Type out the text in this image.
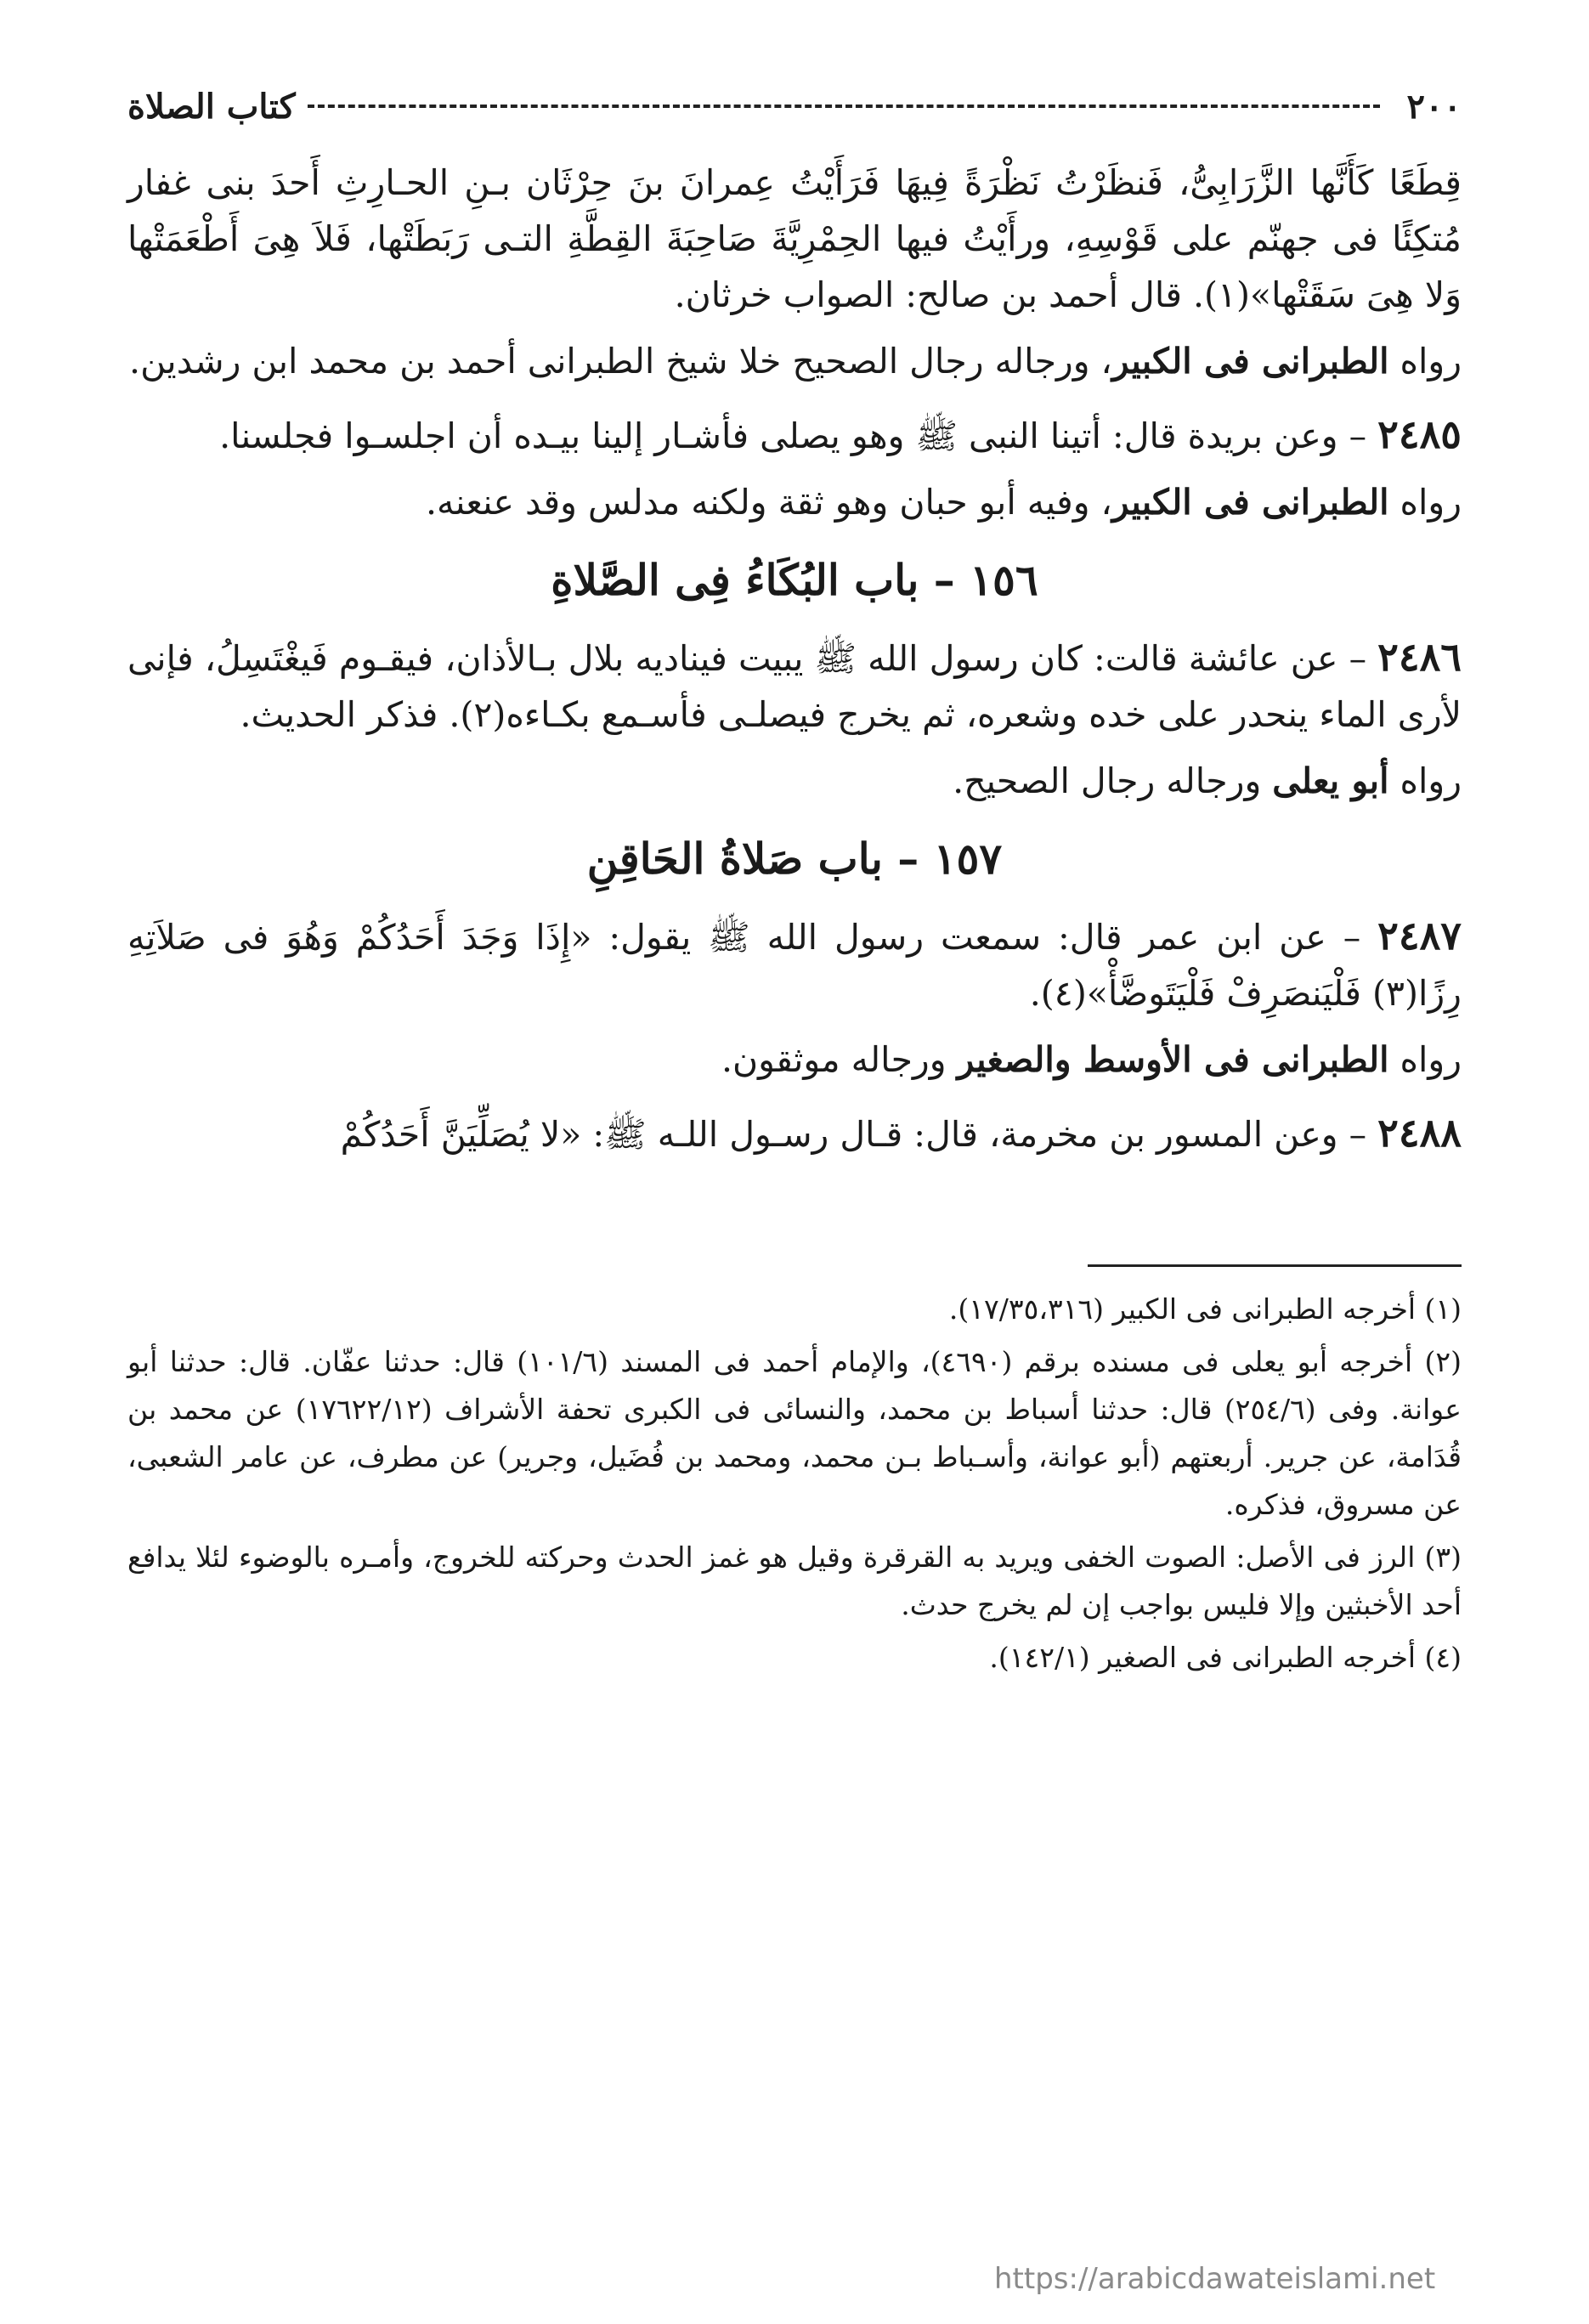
٢٠٠
كتاب الصلاة

قِطَعًا كَأَنَّها الزَّرَابِىُّ، فَنظَرْتُ نَظْرَةً فِيهَا فَرَأَيْتُ عِمرانَ بنَ حِرْثَان بـنِ الحـارِثِ أَحدَ بنى غفار مُتكِئًا فى جهنّم على قَوْسِهِ، ورأَيْتُ فيها الحِمْرِيَّةَ صَاحِبَةَ القِطَّةِ التـى رَبَطَتْها، فَلاَ هِىَ أَطْعَمَتْها وَلا هِىَ سَقَتْها»(١). قال أحمد بن صالح: الصواب خرثان.

رواه الطبرانى فى الكبير، ورجاله رجال الصحيح خلا شيخ الطبرانى أحمد بن محمد ابن رشدين.

٢٤٨٥ – وعن بريدة قال: أتينا النبى ﷺ وهو يصلى فأشـار إلينا بيـده أن اجلسـوا فجلسنا.

رواه الطبرانى فى الكبير، وفيه أبو حبان وهو ثقة ولكنه مدلس وقد عنعنه.

١٥٦ – باب البُكَاءُ فِى الصَّلاةِ

٢٤٨٦ – عن عائشة قالت: كان رسول الله ﷺ يبيت فيناديه بلال بـالأذان، فيقـوم فَيغْتَسِلُ، فإنى لأرى الماء ينحدر على خده وشعره، ثم يخرج فيصلـى فأسـمع بكـاءه(٢). فذكر الحديث.

رواه أبو يعلى ورجاله رجال الصحيح.

١٥٧ – باب صَلاةُ الحَاقِنِ

٢٤٨٧ – عن ابن عمر قال: سمعت رسول الله ﷺ يقول: «إِذَا وَجَدَ أَحَدُكُمْ وَهُوَ فى صَلاَتِهِ رِزًا(٣) فَلْيَنصَرِفْ فَلْيَتَوضَّأْ»(٤).

رواه الطبرانى فى الأوسط والصغير ورجاله موثقون.

٢٤٨٨ – وعن المسور بن مخرمة، قال: قـال رسـول اللـه ﷺ: «لا يُصَلِّيَنَّ أَحَدُكُمْ

(١) أخرجه الطبرانى فى الكبير (١٧/٣٥،٣١٦).

(٢) أخرجه أبو يعلى فى مسنده برقم (٤٦٩٠)، والإمام أحمد فى المسند (١٠١/٦) قال: حدثنا عفّان. قال: حدثنا أبو عوانة. وفى (٢٥٤/٦) قال: حدثنا أسباط بن محمد، والنسائى فى الكبرى تحفة الأشراف (١٧٦٢٢/١٢) عن محمد بن قُدَامة، عن جرير. أربعتهم (أبو عوانة، وأسـباط بـن محمد، ومحمد بن فُضَيل، وجرير) عن مطرف، عن عامر الشعبى، عن مسروق، فذكره.

(٣) الرز فى الأصل: الصوت الخفى ويريد به القرقرة وقيل هو غمز الحدث وحركته للخروج، وأمـره بالوضوء لئلا يدافع أحد الأخبثين وإلا فليس بواجب إن لم يخرج حدث.

(٤) أخرجه الطبرانى فى الصغير (١٤٢/١).

https://arabicdawateislami.net
